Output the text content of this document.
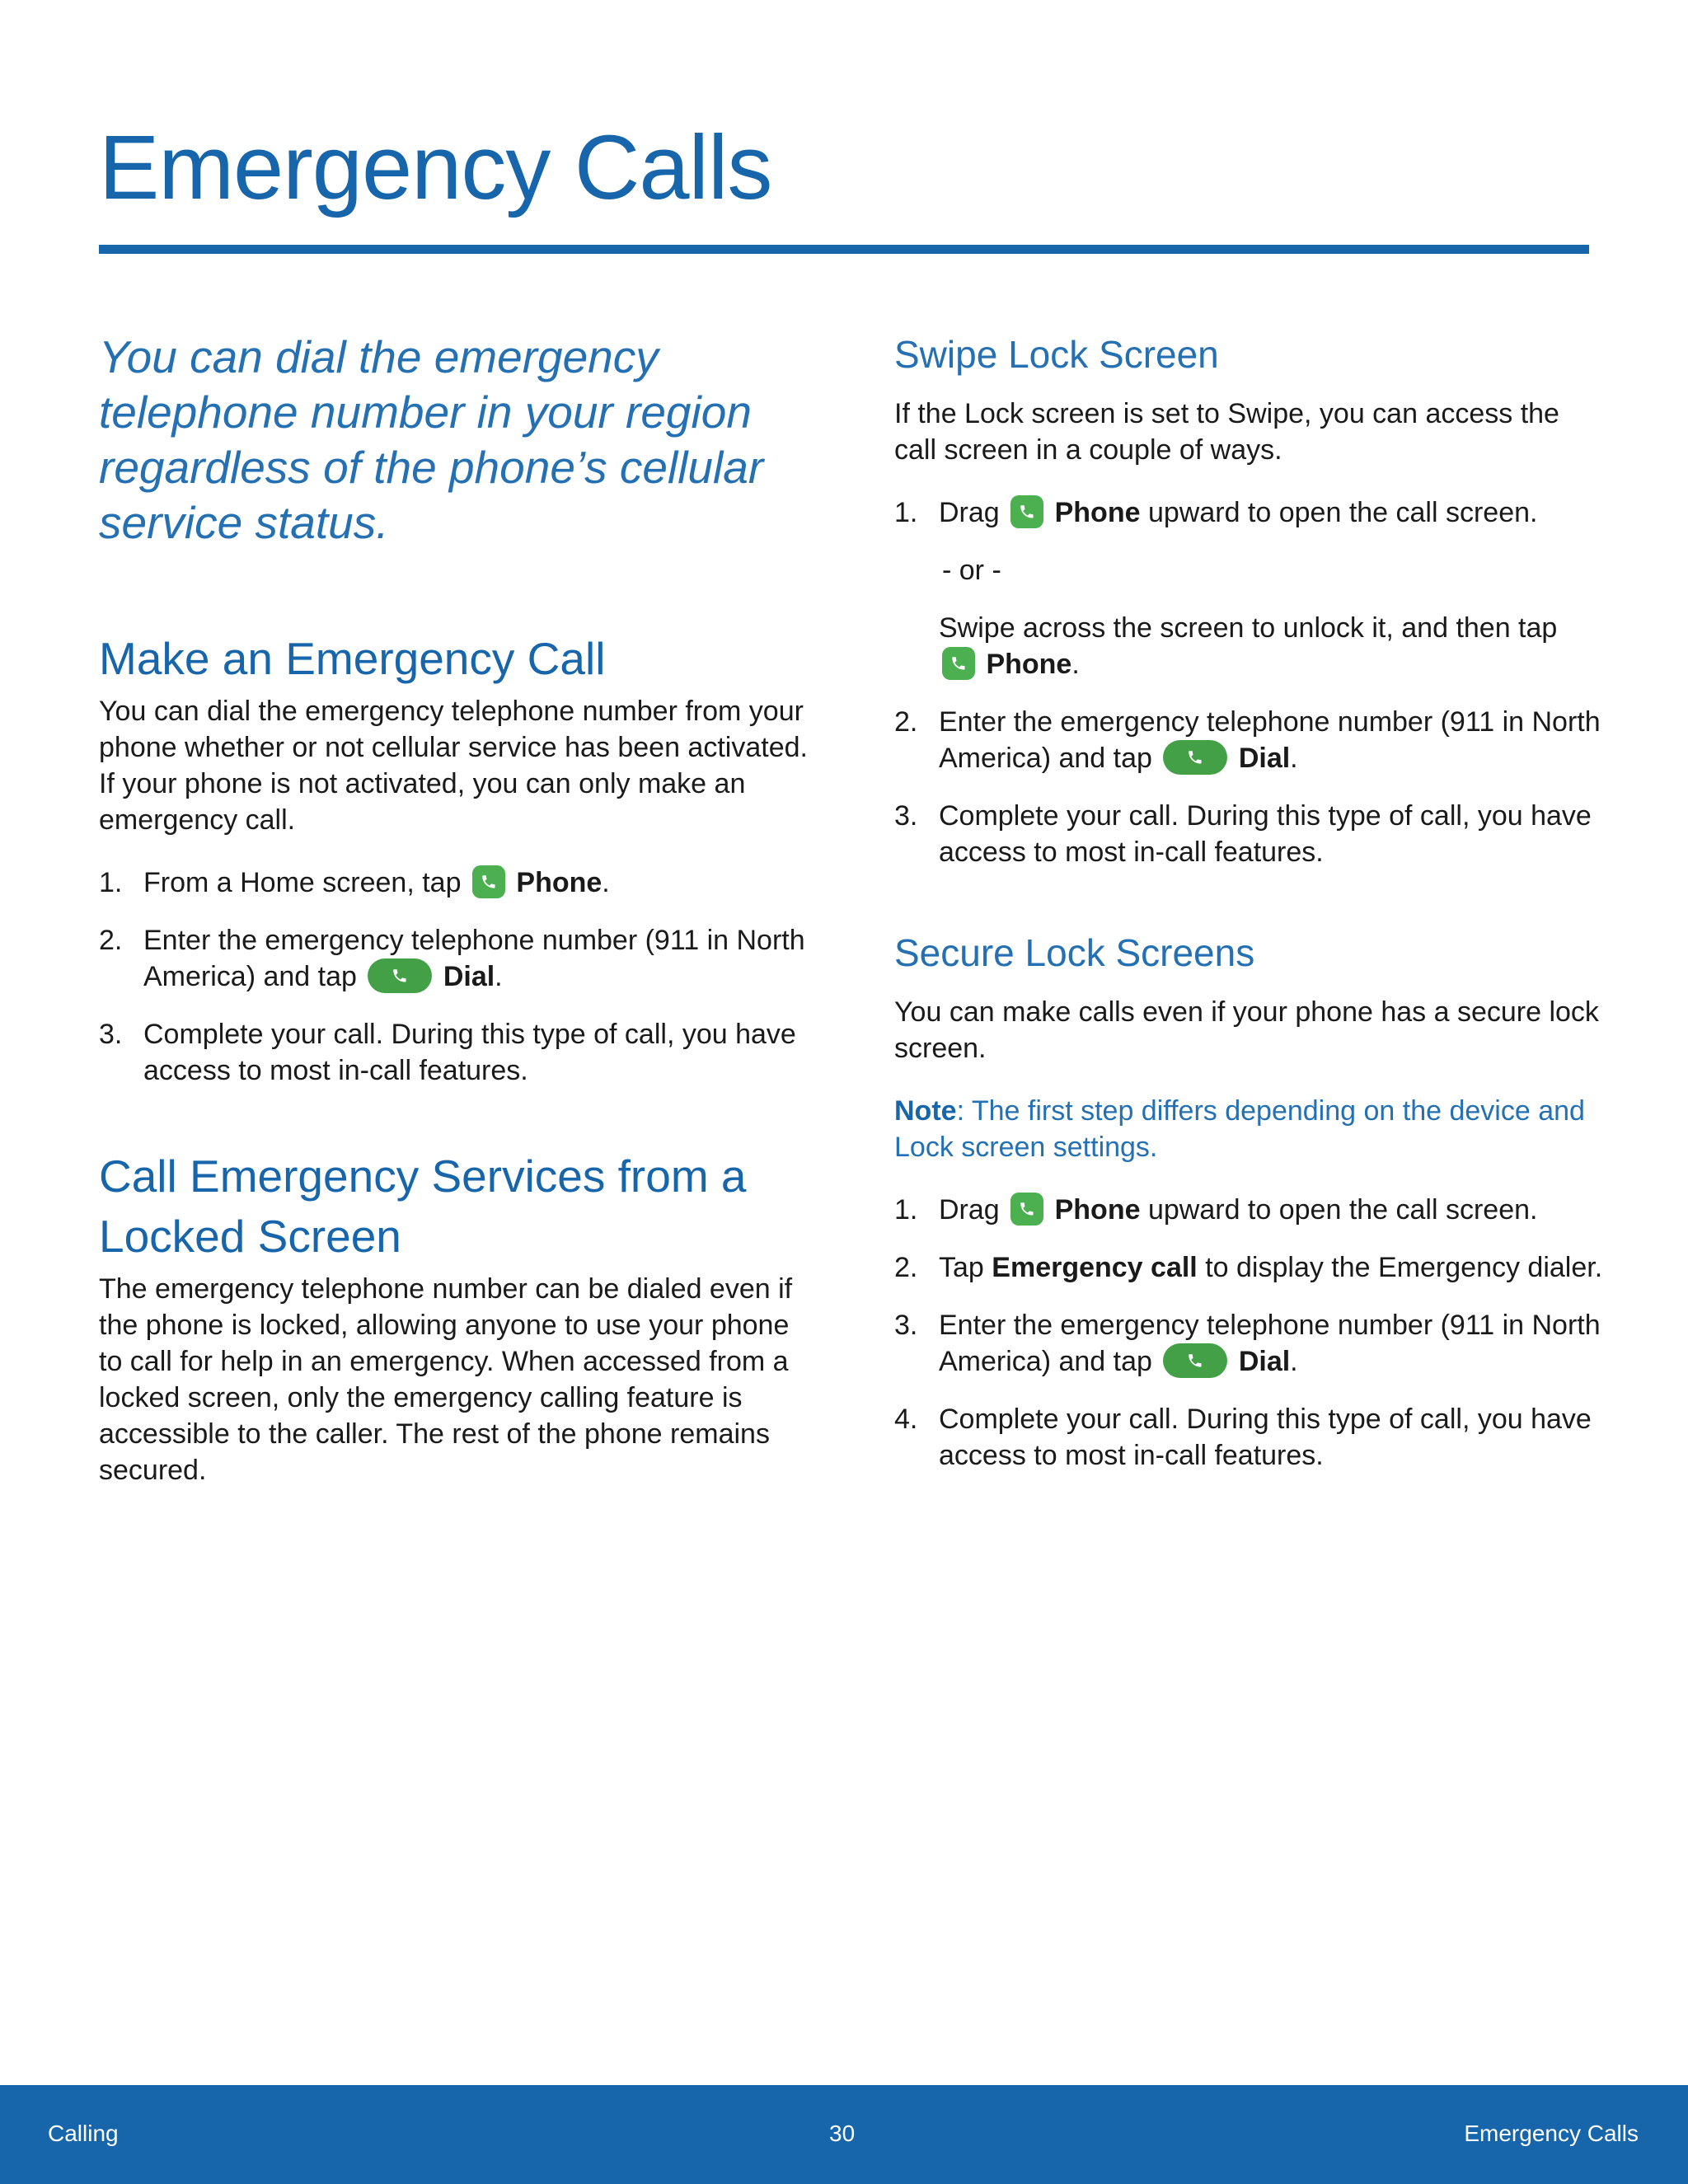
Emergency Calls

You can dial the emergency telephone number in your region regardless of the phone’s cellular service status.

Make an Emergency Call

You can dial the emergency telephone number from your phone whether or not cellular service has been activated. If your phone is not activated, you can only make an emergency call.

1. From a Home screen, tap Phone.
2. Enter the emergency telephone number (911 in North America) and tap	Dial.
3. Complete your call. During this type of call, you have access to most in-call features.
Call Emergency Services from a Locked Screen

The emergency telephone number can be dialed even if the phone is locked, allowing anyone to use your phone to call for help in an emergency. When accessed from a locked screen, only the emergency calling feature is accessible to the caller. The rest of the phone remains secured.

Swipe Lock Screen

If the Lock screen is set to Swipe, you can access the call screen in a couple of ways.

1. Drag Phone upward to open the call screen.
- or -
Swipe across the screen to unlock it, and then tap
Phone.
2. Enter the emergency telephone number (911 in North America) and tap	Dial.
3. Complete your call. During this type of call, you have access to most in-call features.
Secure Lock Screens

You can make calls even if your phone has a secure lock screen.

Note: The first step differs depending on the device and Lock screen settings.

1. Drag Phone upward to open the call screen.
2. Tap Emergency call to display the Emergency dialer.
3. Enter the emergency telephone number (911 in North America) and tap	Dial.
4. Complete your call. During this type of call, you have access to most in-call features.
Calling	30	Emergency Calls
